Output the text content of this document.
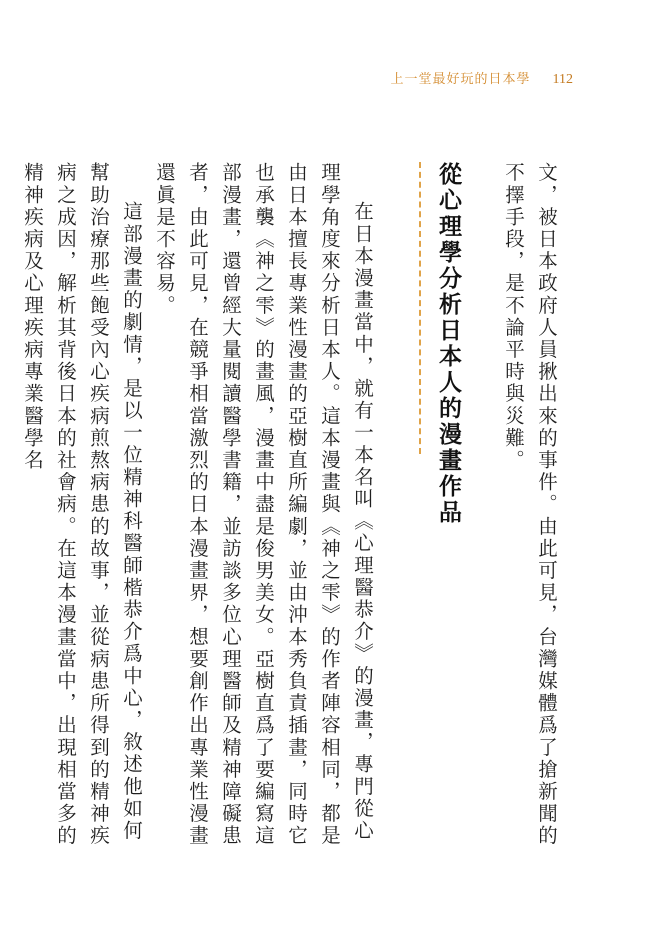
上一堂最好玩的日本學 112

文，被日本政府人員揪出來的事件。由此可見，台灣媒體爲了搶新聞的不擇手段，是不論平時與災難。

從心理學分析日本人的漫畫作品

在日本漫畫當中，就有一本名叫《心理醫恭介》的漫畫，專門從心理學角度來分析日本人。這本漫畫與《神之雫》的作者陣容相同，都是由日本擅長專業性漫畫的亞樹直所編劇，並由沖本秀負責插畫，同時它也承襲《神之雫》的畫風，漫畫中盡是俊男美女。亞樹直爲了要編寫這部漫畫，還曾經大量閱讀醫學書籍，並訪談多位心理醫師及精神障礙患者，由此可見，在競爭相當激烈的日本漫畫界，想要創作出專業性漫畫還眞是不容易。

這部漫畫的劇情，是以一位精神科醫師楷恭介爲中心，敘述他如何幫助治療那些飽受內心疾病煎熬病患的故事，並從病患所得到的精神疾病之成因，解析其背後日本的社會病。在這本漫畫當中，出現相當多的精神疾病及心理疾病專業醫學名
